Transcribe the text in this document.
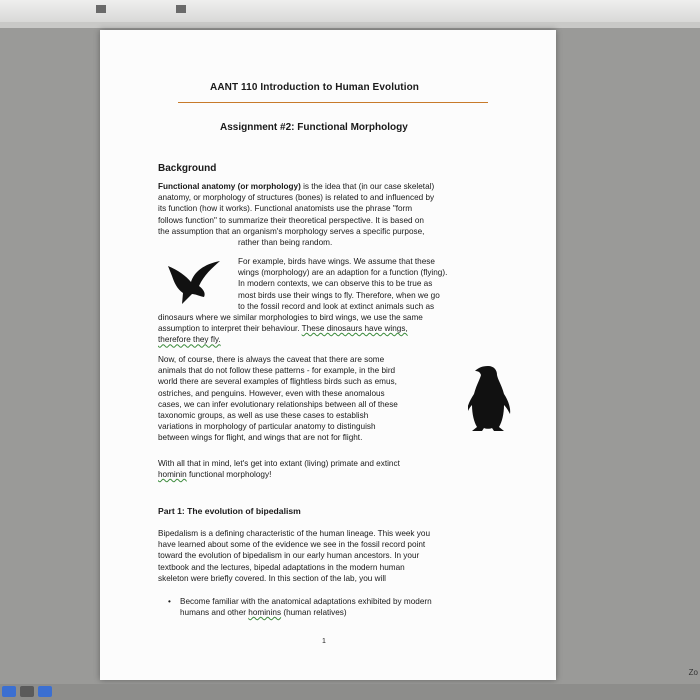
AANT 110 Introduction to Human Evolution

Assignment #2: Functional Morphology

Background

Functional anatomy (or morphology) is the idea that (in our case skeletal)
anatomy, or morphology of structures (bones) is related to and influenced by
its function (how it works). Functional anatomists use the phrase "form
follows function" to summarize their theoretical perspective. It is based on
the assumption that an organism's morphology serves a specific purpose,
rather than being random.
For example, birds have wings. We assume that these
wings (morphology) are an adaption for a function (flying).
In modern contexts, we can observe this to be true as
most birds use their wings to fly. Therefore, when we go
to the fossil record and look at extinct animals such as
dinosaurs where we similar morphologies to bird wings, we use the same
assumption to interpret their behaviour. These dinosaurs have wings,
therefore they fly.
Now, of course, there is always the caveat that there are some
animals that do not follow these patterns - for example, in the bird
world there are several examples of flightless birds such as emus,
ostriches, and penguins. However, even with these anomalous
cases, we can infer evolutionary relationships between all of these
taxonomic groups, as well as use these cases to establish
variations in morphology of particular anatomy to distinguish
between wings for flight, and wings that are not for flight.
With all that in mind, let's get into extant (living) primate and extinct
hominin functional morphology!

Part 1: The evolution of bipedalism

Bipedalism is a defining characteristic of the human lineage. This week you
have learned about some of the evidence we see in the fossil record point
toward the evolution of bipedalism in our early human ancestors. In your
textbook and the lectures, bipedal adaptations in the modern human
skeleton were briefly covered. In this section of the lab, you will
• Become familiar with the anatomical adaptations exhibited by modern
humans and other hominins (human relatives)

1

Zo
